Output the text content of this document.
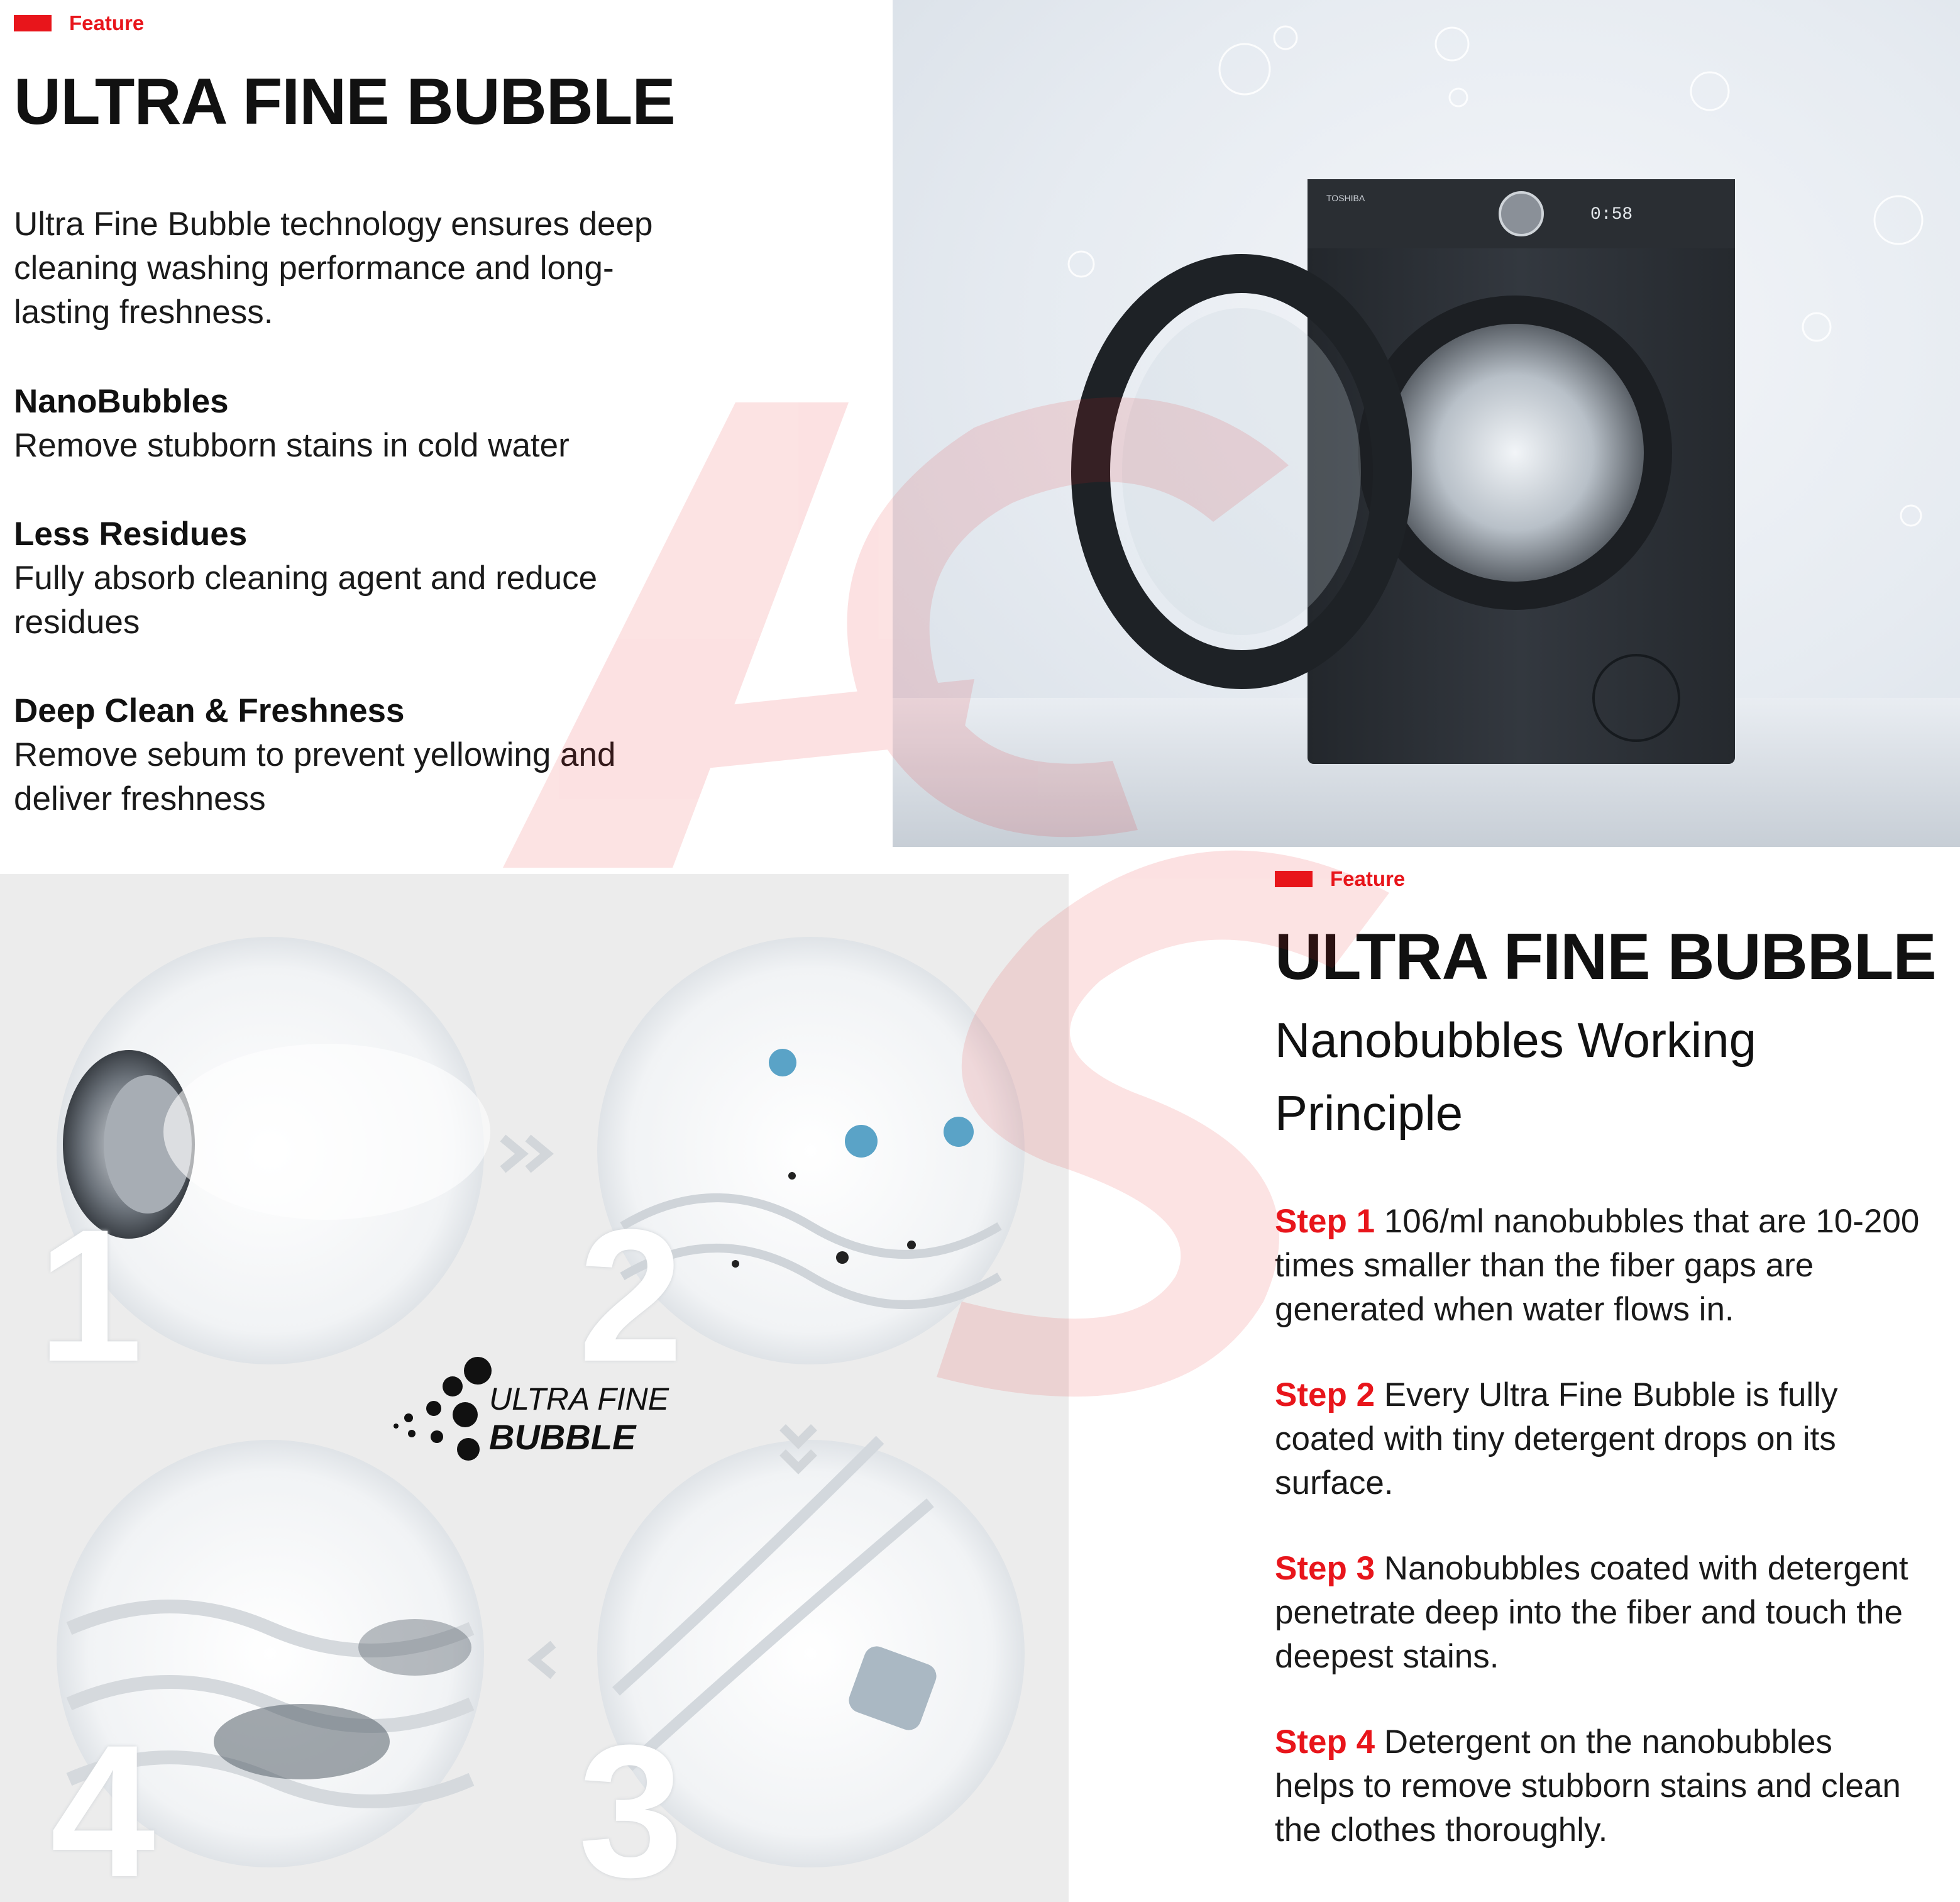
Feature
ULTRA FINE BUBBLE
Ultra Fine Bubble technology ensures deep
cleaning washing performance and long-
lasting freshness.
NanoBubbles
Remove stubborn stains in cold water
Less Residues
Fully absorb cleaning agent and reduce
residues
Deep Clean & Freshness
Remove sebum to prevent yellowing and
deliver freshness
TOSHIBA
0:58
1 2
3
4
ULTRA FINE
BUBBLE
Feature
ULTRA FINE BUBBLE
Nanobubbles Working
Principle
Step 1 106/ml nanobubbles that are 10-200
times smaller than the fiber gaps are
generated when water flows in.
Step 2 Every Ultra Fine Bubble is fully
coated with tiny detergent drops on its
surface.
Step 3 Nanobubbles coated with detergent
penetrate deep into the fiber and touch the
deepest stains.
Step 4 Detergent on the nanobubbles
helps to remove stubborn stains and clean
the clothes thoroughly.
